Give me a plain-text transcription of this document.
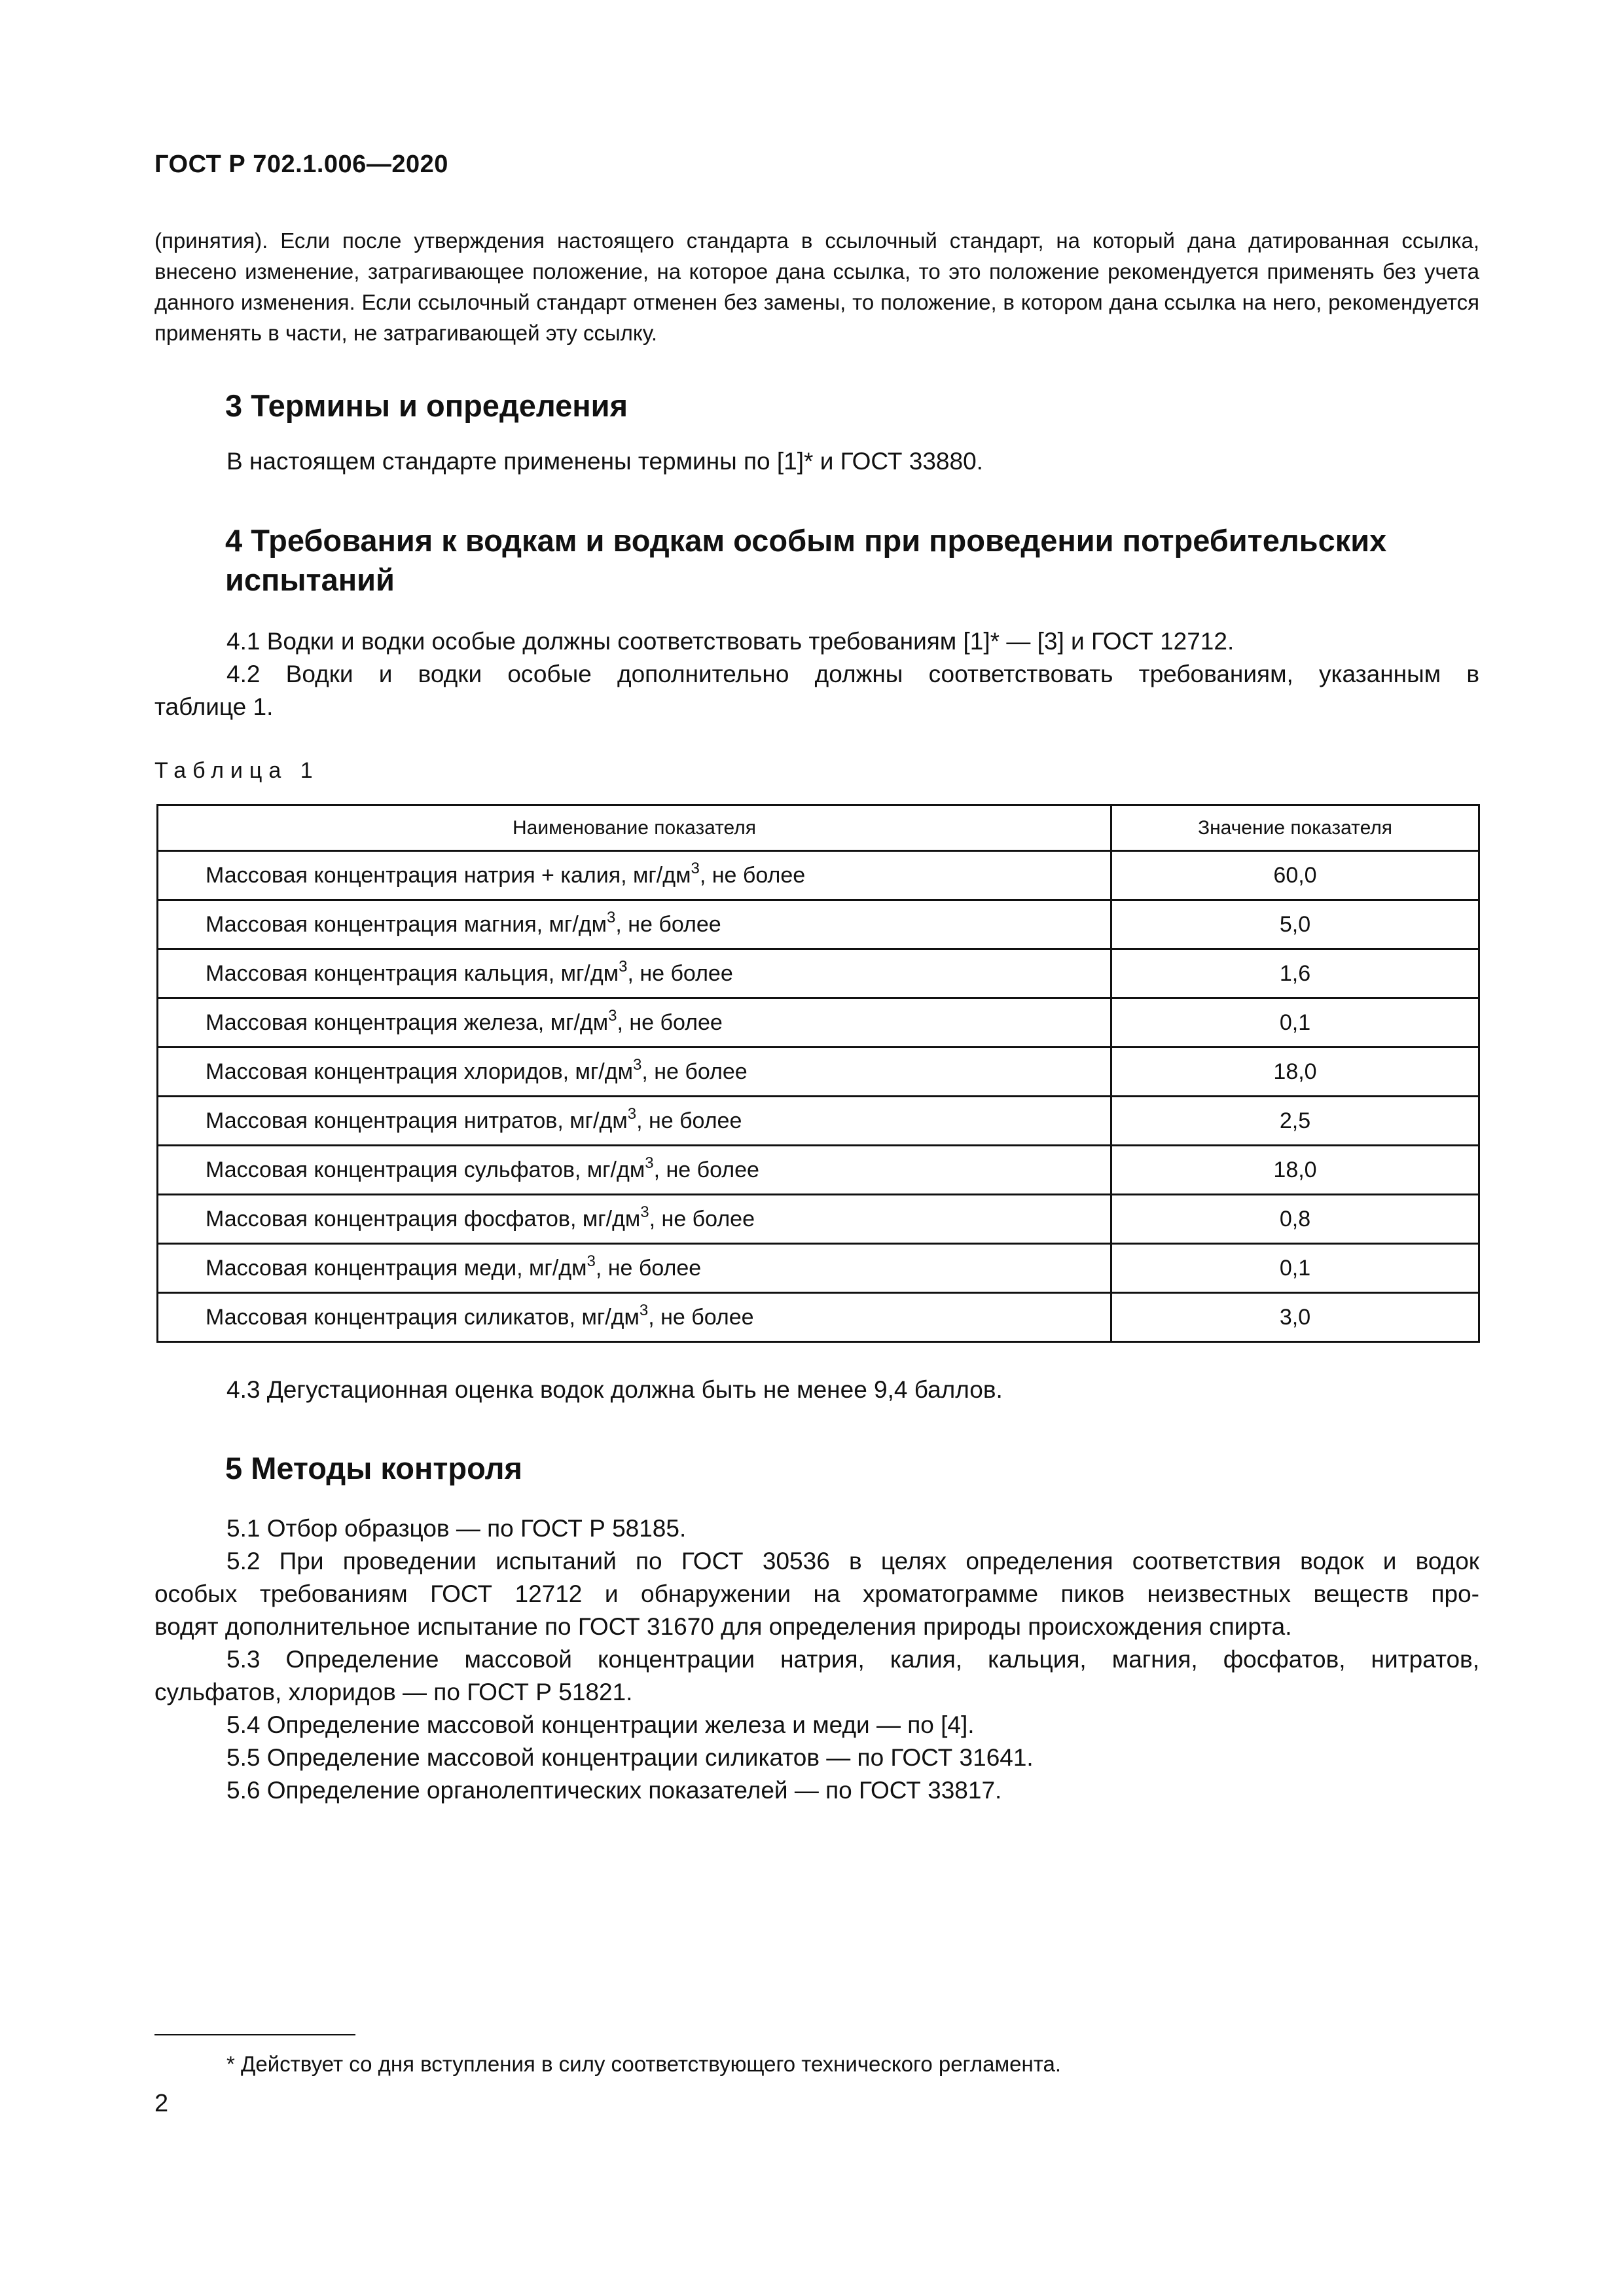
ГОСТ Р 702.1.006—2020
(принятия). Если после утверждения настоящего стандарта в ссылочный стандарт, на который дана датированная ссылка, внесено изменение, затрагивающее положение, на которое дана ссылка, то это положение рекомендуется применять без учета данного изменения. Если ссылочный стандарт отменен без замены, то положение, в котором дана ссылка на него, рекомендуется применять в части, не затрагивающей эту ссылку.
3 Термины и определения
В настоящем стандарте применены термины по [1]* и ГОСТ 33880.
4 Требования к водкам и водкам особым при проведении потребительских
испытаний
4.1 Водки и водки особые должны соответствовать требованиям [1]* — [3] и ГОСТ 12712.
4.2 Водки и водки особые дополнительно должны соответствовать требованиям, указанным в
таблице 1.
Таблица 1
Наименование показателя	Значение показателя
Массовая концентрация натрия + калия, $мг/дм^3$, не более	60,0
Массовая концентрация магния, $мг/дм^3$, не более	5,0
Массовая концентрация кальция, $мг/дм^3$, не более	1,6
Массовая концентрация железа, $мг/дм^3$, не более	0,1
Массовая концентрация хлоридов, $мг/дм^3$, не более	18,0
Массовая концентрация нитратов, $мг/дм^3$, не более	2,5
Массовая концентрация сульфатов, $мг/дм^3$, не более	18,0
Массовая концентрация фосфатов, $мг/дм^3$, не более	0,8
Массовая концентрация меди, $мг/дм^3$, не более	0,1
Массовая концентрация силикатов, $мг/дм^3$, не более	3,0
4.3 Дегустационная оценка водок должна быть не менее 9,4 баллов.
5 Методы контроля
5.1 Отбор образцов — по ГОСТ Р 58185.
5.2 При проведении испытаний по ГОСТ 30536 в целях определения соответствия водок и водок
особых требованиям ГОСТ 12712 и обнаружении на хроматограмме пиков неизвестных веществ про-
водят дополнительное испытание по ГОСТ 31670 для определения природы происхождения спирта.
5.3 Определение массовой концентрации натрия, калия, кальция, магния, фосфатов, нитратов,
сульфатов, хлоридов — по ГОСТ Р 51821.
5.4 Определение массовой концентрации железа и меди — по [4].
5.5 Определение массовой концентрации силикатов — по ГОСТ 31641.
5.6 Определение органолептических показателей — по ГОСТ 33817.
* Действует со дня вступления в силу соответствующего технического регламента.
2
